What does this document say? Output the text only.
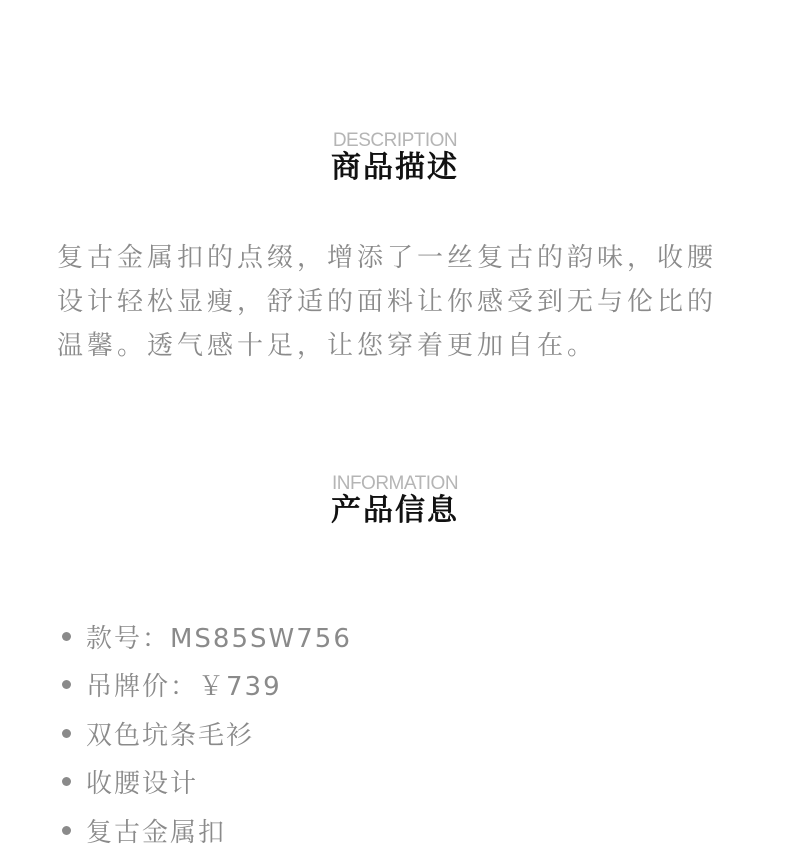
DESCRIPTION
商品描述

复古金属扣的点缀，增添了一丝复古的韵味，收腰设计轻松显瘦，舒适的面料让你感受到无与伦比的温馨。透气感十足，让您穿着更加自在。

INFORMATION
产品信息
款号：MS85SW756
吊牌价：￥739
双色坑条毛衫
收腰设计
复古金属扣
